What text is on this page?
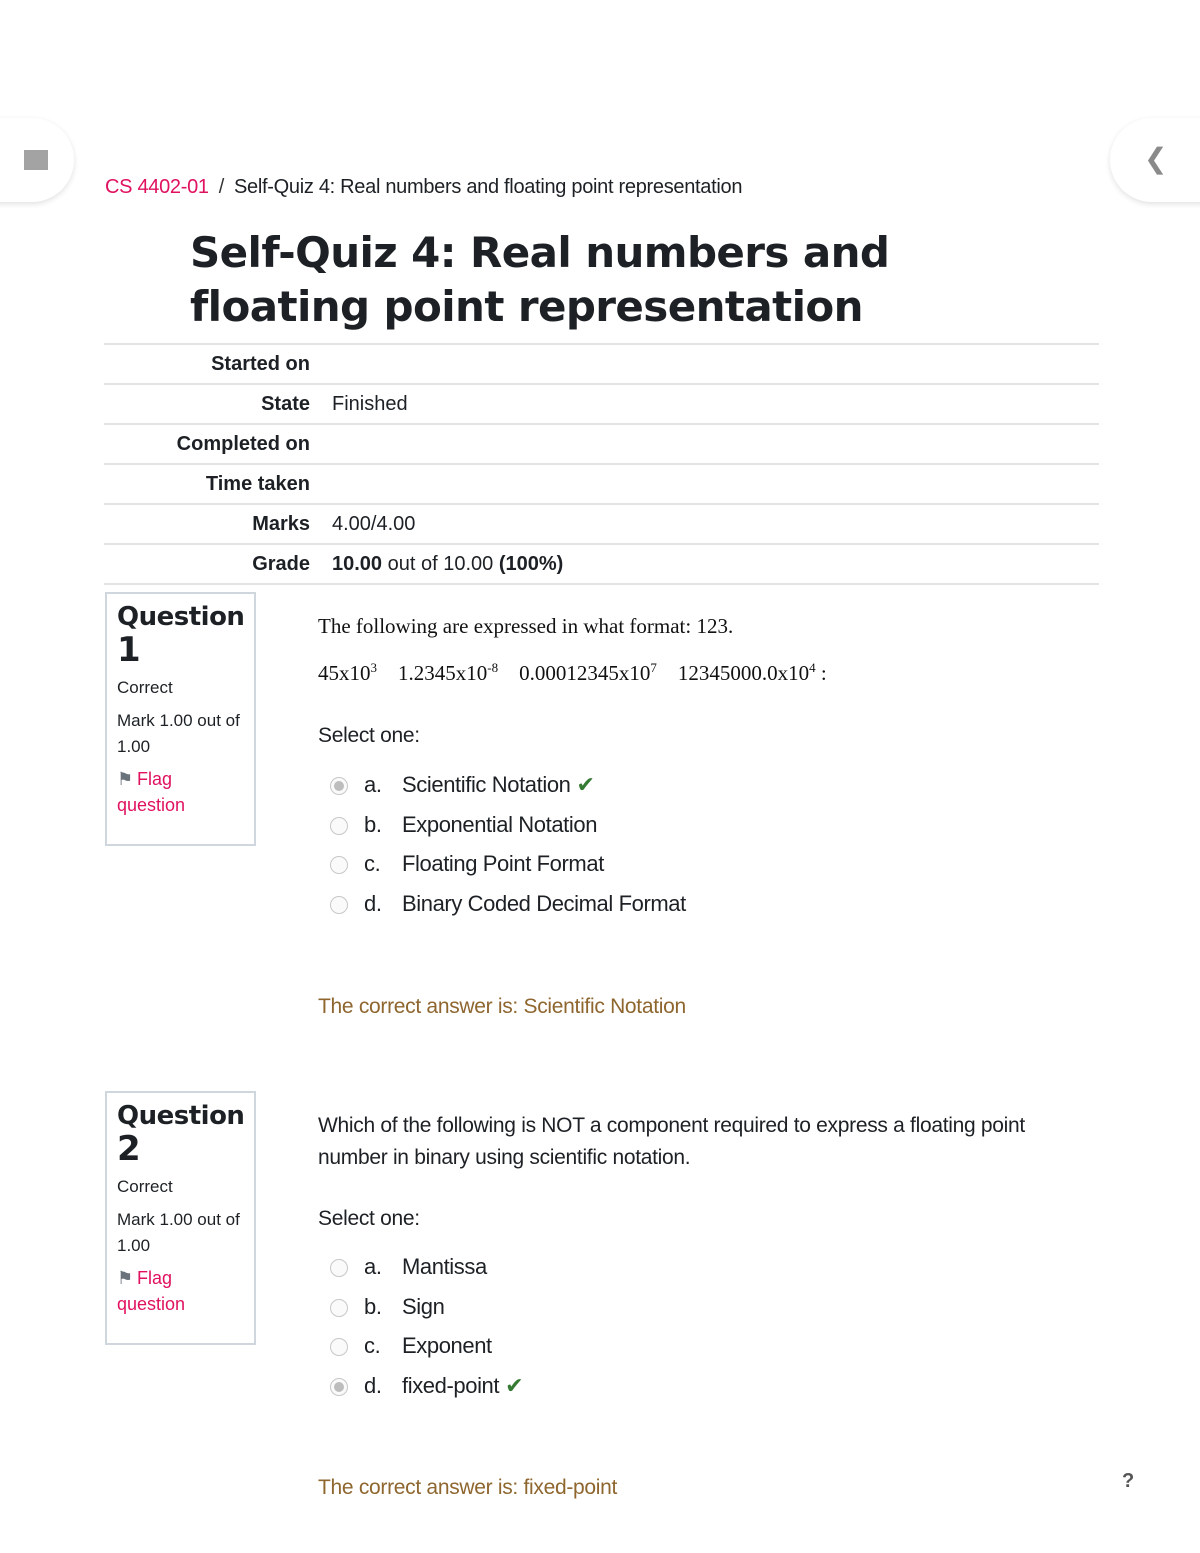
❮
CS 4402-01 / Self-Quiz 4: Real numbers and floating point representation
Self-Quiz 4: Real numbers and floating point representation
Started on	
State	Finished
Completed on	
Time taken	
Marks	4.00/4.00
Grade	10.00 out of 10.00 (100%)
Question
1
Correct
Mark 1.00 out of 1.00
⚑ Flag question
The following are expressed in what format: 123.
$45x10^3$ $1.2345x10^{-8}$ $0.00012345x10^7$ $12345000.0x10^4$ :
Select one:
a. Scientific Notation ✔
b. Exponential Notation
c. Floating Point Format
d. Binary Coded Decimal Format
The correct answer is: Scientific Notation
Question
2
Correct
Mark 1.00 out of 1.00
⚑ Flag question
Which of the following is NOT a component required to express a floating point number in binary using scientific notation.
Select one:
a. Mantissa
b. Sign
c. Exponent
d. fixed-point ✔
The correct answer is: fixed-point	?
